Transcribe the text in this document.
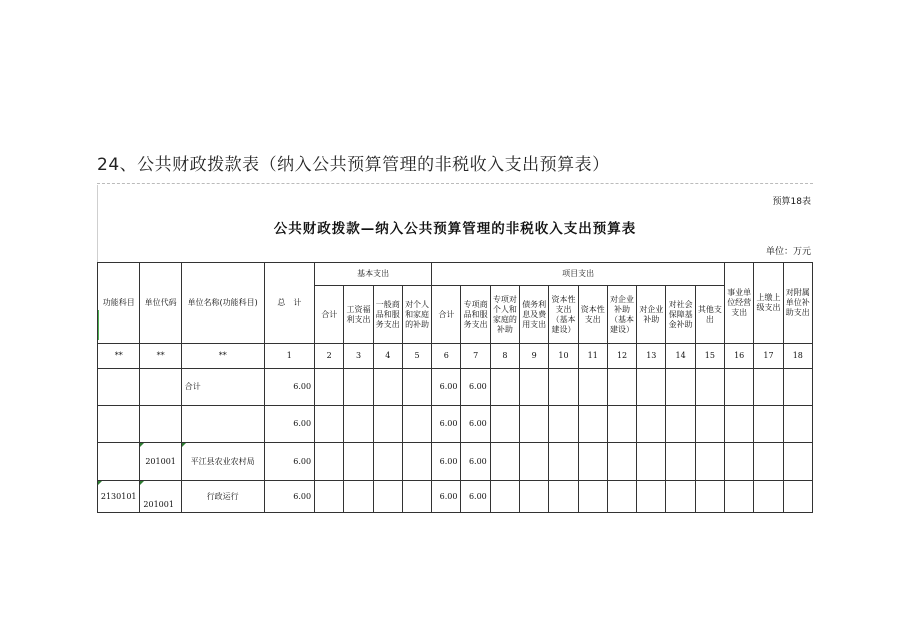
24、公共财政拨款表（纳入公共预算管理的非税收入支出预算表）
预算18表
公共财政拨款—纳入公共预算管理的非税收入支出预算表
单位：万元
功能科目	单位代码	单位名称(功能科目)	总　计	基本支出				项目支出										事业单位经营支出	上缴上级支出	对附属单位补助支出
				合计	工资福利支出	一般商品和服务支出	对个人和家庭的补助	合计	专项商品和服务支出	专项对个人和家庭的补助	债务利息及费用支出	资本性支出（基本建设）	资本性支出	对企业补助（基本建设）	对企业补助	对社会保障基金补助	其他支出			
**	**	**	1	2	3	4	5	6	7	8	9	10	11	12	13	14	15	16	17	18
		合计	6.00					6.00	6.00											
			6.00					6.00	6.00											
	201001	平江县农业农村局	6.00					6.00	6.00											
2130101	201001	行政运行	6.00					6.00	6.00											
